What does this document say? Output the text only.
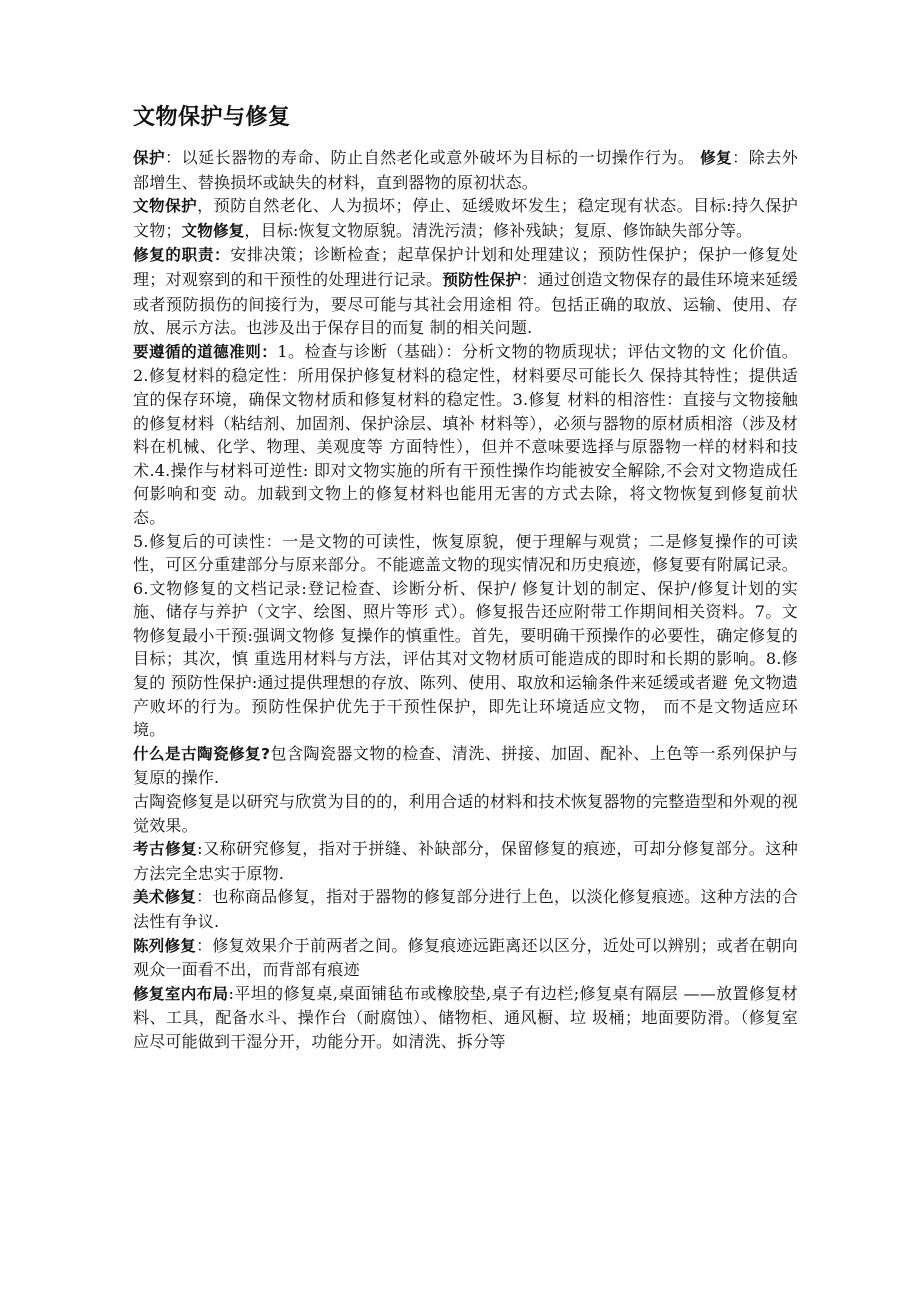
文物保护与修复

保护：以延长器物的寿命、防止自然老化或意外破坏为目标的一切操作行为。 修复：除去外部增生、替换损坏或缺失的材料，直到器物的原初状态。

文物保护，预防自然老化、人为损坏；停止、延缓败坏发生；稳定现有状态。目标:持久保护文物；文物修复，目标:恢复文物原貌。清洗污渍；修补残缺；复原、修饰缺失部分等。

修复的职责：安排决策；诊断检查；起草保护计划和处理建议；预防性保护；保护一修复处理；对观察到的和干预性的处理进行记录。预防性保护：通过创造文物保存的最佳环境来延缓或者预防损伤的间接行为，要尽可能与其社会用途相 符。包括正确的取放、运输、使用、存放、展示方法。也涉及出于保存目的而复 制的相关问题.

要遵循的道德准则：1。检查与诊断（基础）：分析文物的物质现状；评估文物的文 化价值。2.修复材料的稳定性：所用保护修复材料的稳定性，材料要尽可能长久 保持其特性；提供适宜的保存环境，确保文物材质和修复材料的稳定性。3.修复 材料的相溶性：直接与文物接触的修复材料（粘结剂、加固剂、保护涂层、填补 材料等），必须与器物的原材质相溶（涉及材料在机械、化学、物理、美观度等 方面特性），但并不意味要选择与原器物一样的材料和技术.4.操作与材料可逆性: 即对文物实施的所有干预性操作均能被安全解除,不会对文物造成任何影响和变 动。加载到文物上的修复材料也能用无害的方式去除，将文物恢复到修复前状态。

5.修复后的可读性：一是文物的可读性，恢复原貌，便于理解与观赏；二是修复操作的可读性，可区分重建部分与原来部分。不能遮盖文物的现实情况和历史痕迹，修复要有附属记录。6.文物修复的文档记录:登记检查、诊断分析、保护/ 修复计划的制定、保护/修复计划的实施、储存与养护（文字、绘图、照片等形 式）。修复报告还应附带工作期间相关资料。7。文物修复最小干预:强调文物修 复操作的慎重性。首先，要明确干预操作的必要性，确定修复的目标；其次，慎 重选用材料与方法，评估其对文物材质可能造成的即时和长期的影响。8.修复的 预防性保护:通过提供理想的存放、陈列、使用、取放和运输条件来延缓或者避 免文物遗产败坏的行为。预防性保护优先于干预性保护，即先让环境适应文物， 而不是文物适应环境。

什么是古陶瓷修复?包含陶瓷器文物的检查、清洗、拼接、加固、配补、上色等一系列保护与复原的操作.

古陶瓷修复是以研究与欣赏为目的的，利用合适的材料和技术恢复器物的完整造型和外观的视觉效果。

考古修复:又称研究修复，指对于拼缝、补缺部分，保留修复的痕迹，可却分修复部分。这种方法完全忠实于原物.

美术修复：也称商品修复，指对于器物的修复部分进行上色，以淡化修复痕迹。这种方法的合法性有争议.

陈列修复：修复效果介于前两者之间。修复痕迹远距离还以区分，近处可以辨别；或者在朝向观众一面看不出，而背部有痕迹

修复室内布局:平坦的修复桌,桌面铺毡布或橡胶垫,桌子有边栏;修复桌有隔层 ——放置修复材料、工具，配备水斗、操作台（耐腐蚀）、储物柜、通风橱、垃 圾桶；地面要防滑。（修复室应尽可能做到干湿分开，功能分开。如清洗、拆分等
